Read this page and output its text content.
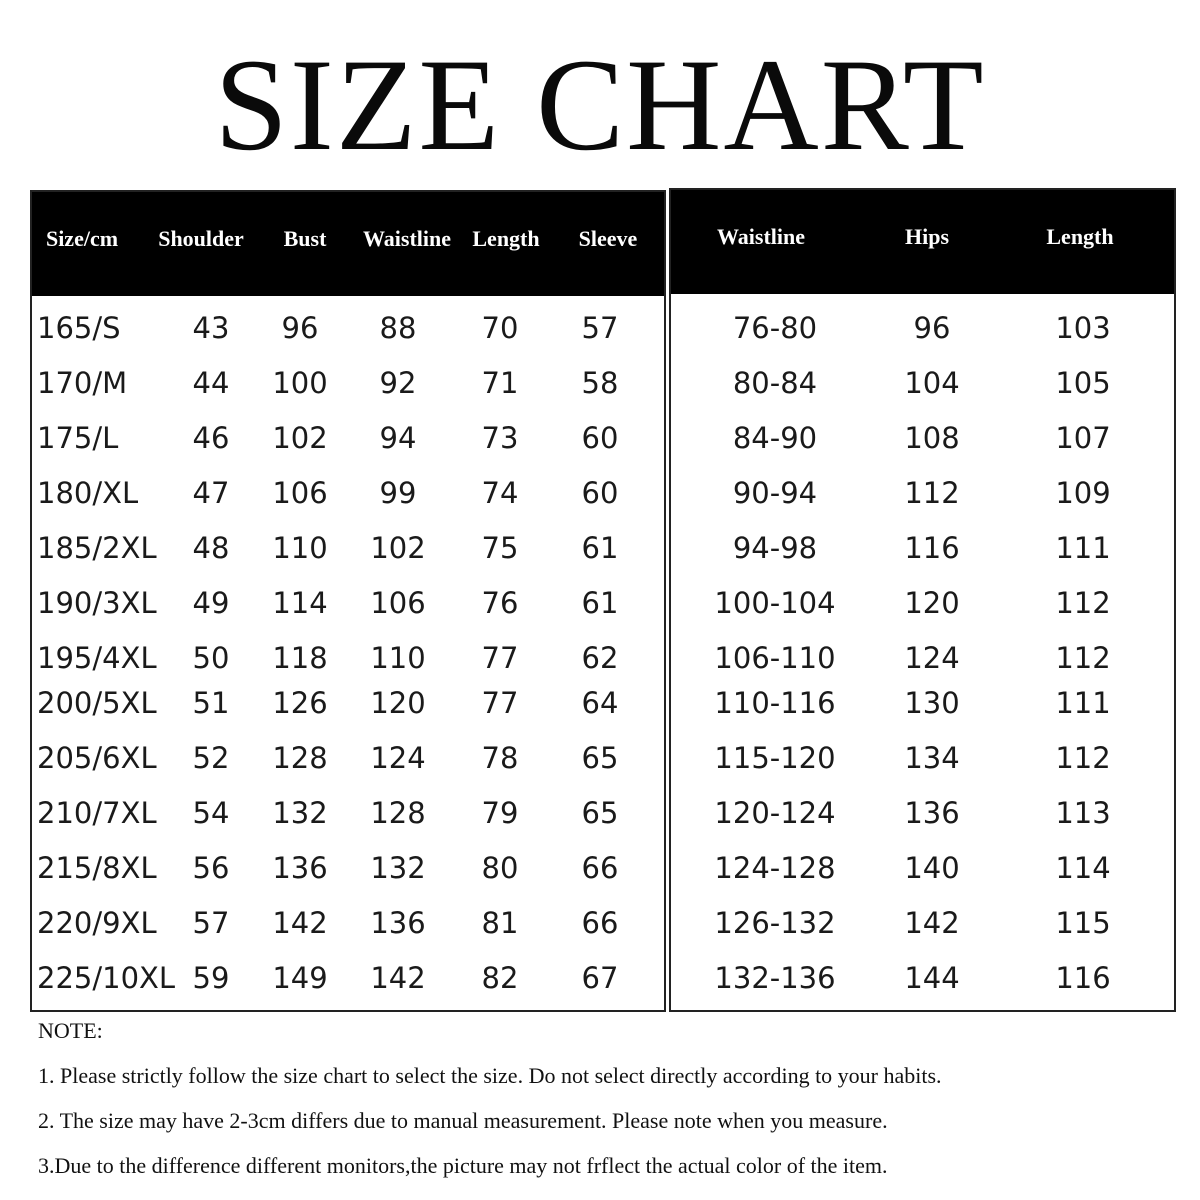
SIZE CHART
Size/cm Shoulder Bust Waistline Length Sleeve
165/S 43 96 88 70 57
170/M 44 100 92 71 58
175/L	46 102 94 73 60
180/XL 47 106 99 74 60
185/2XL 48 110 102 75 61
190/3XL 49 114 106 76 61
195/4XL 50 118 110 77 62
200/5XL 51 126 120 77 64
205/6XL 52 128 124 78 65
210/7XL 54 132 128 79 65
215/8XL 56 136 132 80 66
220/9XL 57 142 136 81 66
225/10XL 59 149 142 82 67
Waistline	Hips	Length
76-80	96	103
80-84	104	105
84-90	108	107
90-94	112	109
94-98	116	111
100-104 120	112
106-110 124	112
110-116 130	111
115-120 134	112
120-124 136	113
124-128 140	114
126-132 142	115
132-136 144	116
NOTE:
1. Please strictly follow the size chart to select the size. Do not select directly according to your habits.
2. The size may have 2-3cm differs due to manual measurement. Please note when you measure.
3.Due to the difference different monitors,the picture may not frflect the actual color of the item.
